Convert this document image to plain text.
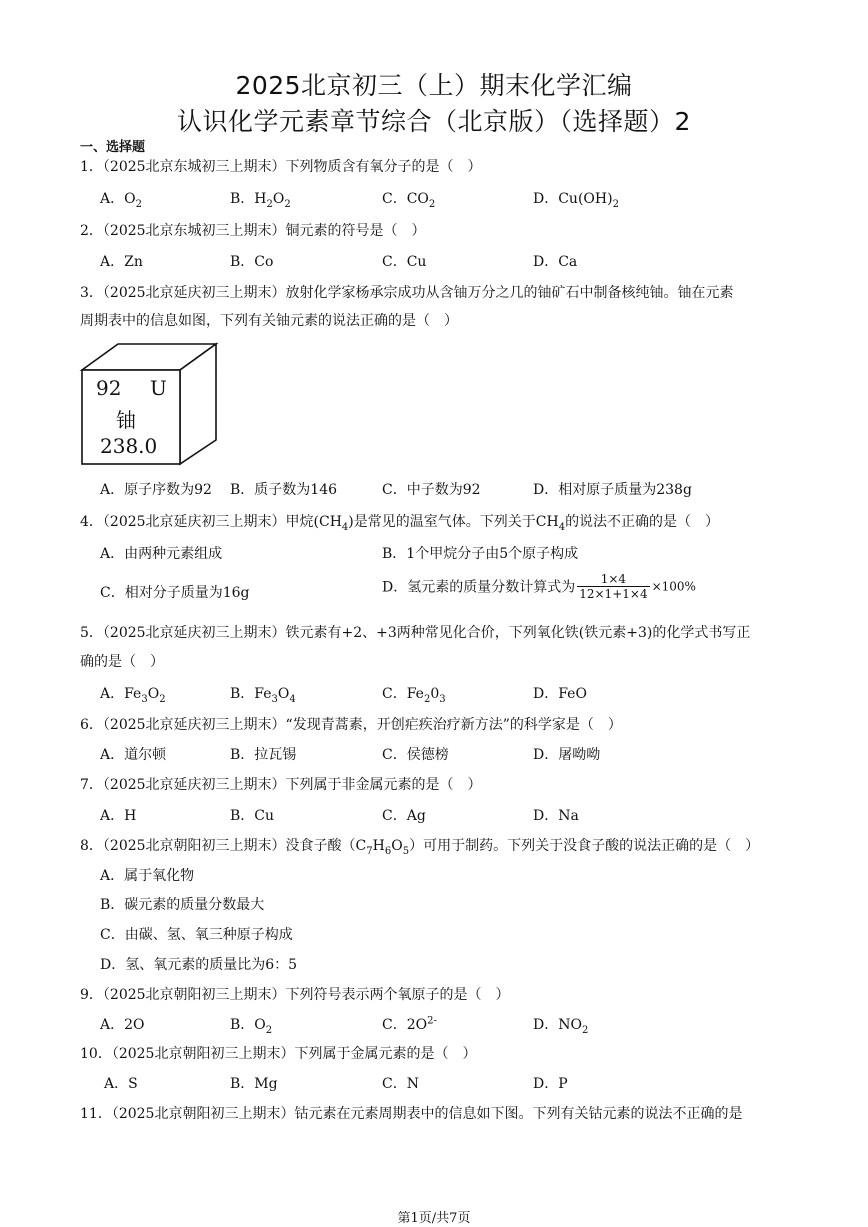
2025北京初三（上）期末化学汇编
认识化学元素章节综合（北京版）（选择题）2
一、选择题
1．（2025北京东城初三上期末）下列物质含有氧分子的是（　）
A．$O_2$	B．$H_2O_2$	C．$CO_2$	D．$Cu(OH)_2$
2．（2025北京东城初三上期末）铜元素的符号是（　）
A．Zn	B．Co	C．Cu	D．Ca
3．（2025北京延庆初三上期末）放射化学家杨承宗成功从含铀万分之几的铀矿石中制备核纯铀。铀在元素
周期表中的信息如图，下列有关铀元素的说法正确的是（　）
92 U
铀
238.0
A．原子序数为92 B．质子数为146	C．中子数为92	D．相对原子质量为238g
4．（2025北京延庆初三上期末）甲烷$(CH_4)$是常见的温室气体。下列关于$CH_4$的说法不正确的是（　）
A．由两种元素组成	B．1个甲烷分子由5个原子构成
C．相对分子质量为16g	D．氢元素的质量分数计算式为 $\frac{1\times 4}{12\times 1+1\times 4} \times 100\%$
5．（2025北京延庆初三上期末）铁元素有+2、+3两种常见化合价，下列氧化铁(铁元素+3)的化学式书写正
确的是（　）
A．$Fe_3O_2$	B．$Fe_3O_4$	C．$Fe_20_3$	D．FeO
6．（2025北京延庆初三上期末）“发现青蒿素，开创疟疾治疗新方法”的科学家是（　）
A．道尔顿	B．拉瓦锡	C．侯德榜	D．屠呦呦
7．（2025北京延庆初三上期末）下列属于非金属元素的是（　）
A．H	B．Cu	C．Ag	D．Na
8．（2025北京朝阳初三上期末）没食子酸$(C_7H_6O_5)$可用于制药。下列关于没食子酸的说法正确的是（　）
A．属于氧化物
B．碳元素的质量分数最大
C．由碳、氢、氧三种原子构成
D．氢、氧元素的质量比为6：5
9．（2025北京朝阳初三上期末）下列符号表示两个氧原子的是（　）
A．2O	B．$O_2$	C．$2O^{2-}$	D．$NO_2$
10．（2025北京朝阳初三上期末）下列属于金属元素的是（　）
A．S	B．Mg	C．N	D．P
11．（2025北京朝阳初三上期末）钴元素在元素周期表中的信息如下图。下列有关钴元素的说法不正确的是
第1页/共7页
